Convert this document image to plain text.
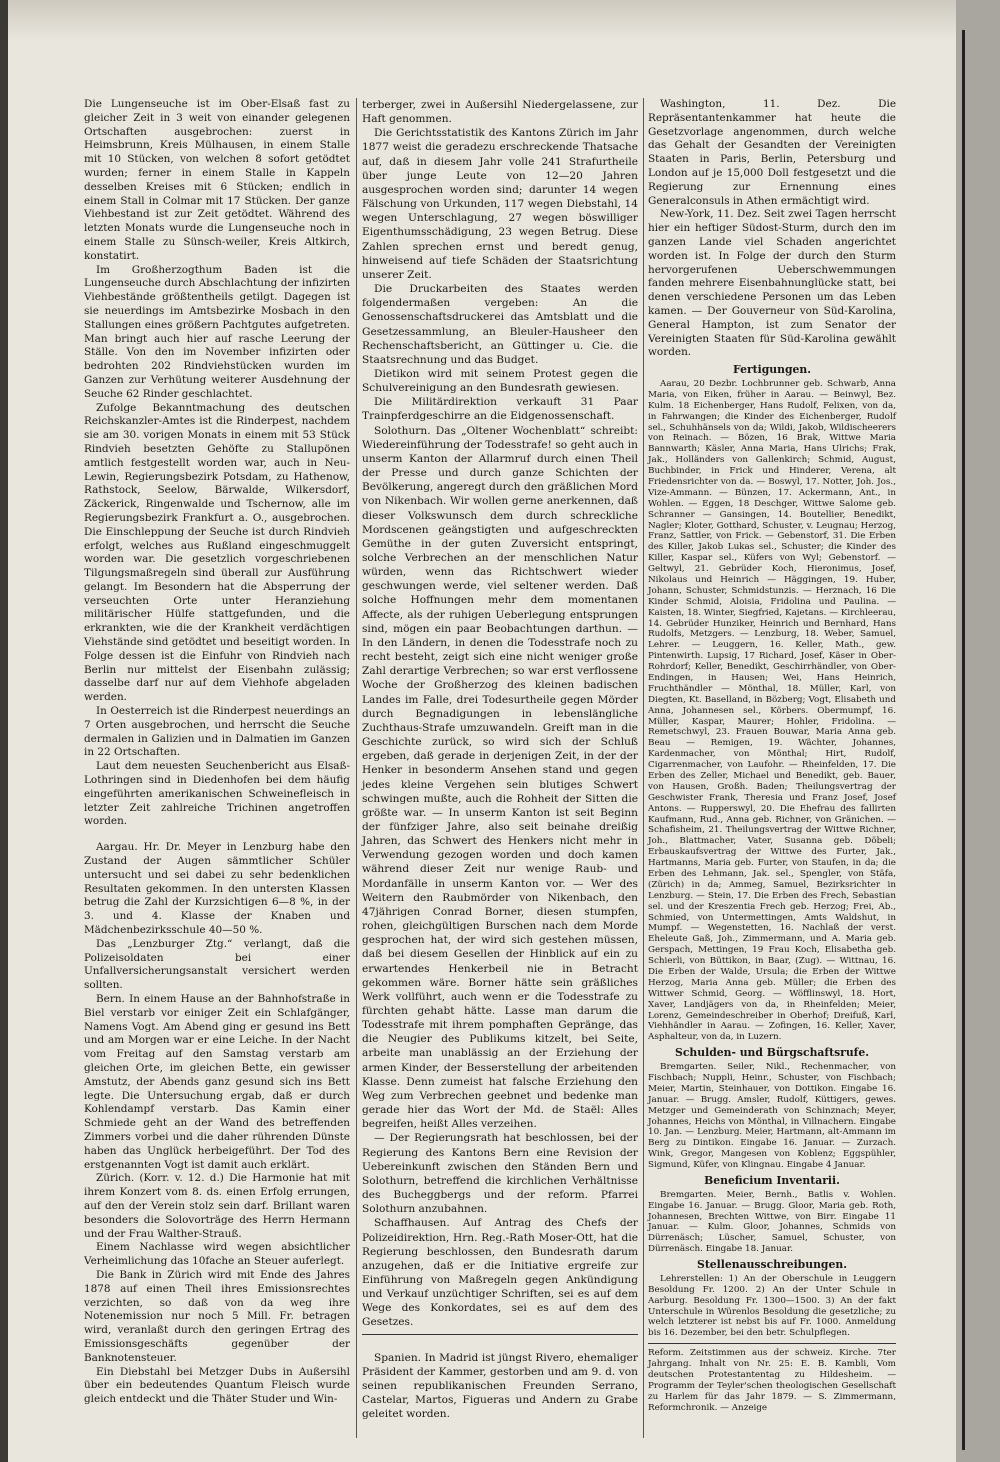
Die Lungenseuche ist im Ober-Elsaß fast zu gleicher Zeit in 3 weit von einander gelegenen Ortschaften ausgebrochen: zuerst in Heimsbrunn, Kreis Mülhausen, in einem Stalle mit 10 Stücken, von welchen 8 sofort getödtet wurden; ferner in einem Stalle in Kappeln desselben Kreises mit 6 Stücken; endlich in einem Stall in Colmar mit 17 Stücken. Der ganze Viehbestand ist zur Zeit getödtet. Während des letzten Monats wurde die Lungenseuche noch in einem Stalle zu Sünsch-weiler, Kreis Altkirch, konstatirt.

Im Großherzogthum Baden ist die Lungenseuche durch Abschlachtung der infizirten Viehbestände größtentheils getilgt. Dagegen ist sie neuerdings im Amtsbezirke Mosbach in den Stallungen eines größern Pachtgutes aufgetreten. Man bringt auch hier auf rasche Leerung der Ställe. Von den im November infizirten oder bedrohten 202 Rindviehstücken wurden im Ganzen zur Verhütung weiterer Ausdehnung der Seuche 62 Rinder geschlachtet.

Zufolge Bekanntmachung des deutschen Reichskanzler-Amtes ist die Rinderpest, nachdem sie am 30. vorigen Monats in einem mit 53 Stück Rindvieh besetzten Gehöfte zu Stallupönen amtlich festgestellt worden war, auch in Neu-Lewin, Regierungsbezirk Potsdam, zu Hathenow, Rathstock, Seelow, Bärwalde, Wilkersdorf, Zäckerick, Ringenwalde und Tschernow, alle im Regierungsbezirk Frankfurt a. O., ausgebrochen. Die Einschleppung der Seuche ist durch Rindvieh erfolgt, welches aus Rußland eingeschmuggelt worden war. Die gesetzlich vorgeschriebenen Tilgungsmaßregeln sind überall zur Ausführung gelangt. Im Besondern hat die Absperrung der verseuchten Orte unter Heranziehung militärischer Hülfe stattgefunden, und die erkrankten, wie die der Krankheit verdächtigen Viehstände sind getödtet und beseitigt worden. In Folge dessen ist die Einfuhr von Rindvieh nach Berlin nur mittelst der Eisenbahn zulässig; dasselbe darf nur auf dem Viehhofe abgeladen werden.

In Oesterreich ist die Rinderpest neuerdings an 7 Orten ausgebrochen, und herrscht die Seuche dermalen in Galizien und in Dalmatien im Ganzen in 22 Ortschaften.

Laut dem neuesten Seuchenbericht aus Elsaß-Lothringen sind in Diedenhofen bei dem häufig eingeführten amerikanischen Schweinefleisch in letzter Zeit zahlreiche Trichinen angetroffen worden.

Aargau. Hr. Dr. Meyer in Lenzburg habe den Zustand der Augen sämmtlicher Schüler untersucht und sei dabei zu sehr bedenklichen Resultaten gekommen. In den untersten Klassen betrug die Zahl der Kurzsichtigen 6—8 %, in der 3. und 4. Klasse der Knaben und Mädchenbezirksschule 40—50 %.

Das „Lenzburger Ztg.“ verlangt, daß die Polizeisoldaten bei einer Unfallversicherungsanstalt versichert werden sollten.

Bern. In einem Hause an der Bahnhofstraße in Biel verstarb vor einiger Zeit ein Schlafgänger, Namens Vogt. Am Abend ging er gesund ins Bett und am Morgen war er eine Leiche. In der Nacht vom Freitag auf den Samstag verstarb am gleichen Orte, im gleichen Bette, ein gewisser Amstutz, der Abends ganz gesund sich ins Bett legte. Die Untersuchung ergab, daß er durch Kohlendampf verstarb. Das Kamin einer Schmiede geht an der Wand des betreffenden Zimmers vorbei und die daher rührenden Dünste haben das Unglück herbeigeführt. Der Tod des erstgenannten Vogt ist damit auch erklärt.

Zürich. (Korr. v. 12. d.) Die Harmonie hat mit ihrem Konzert vom 8. ds. einen Erfolg errungen, auf den der Verein stolz sein darf. Brillant waren besonders die Solovorträge des Herrn Hermann und der Frau Walther-Strauß.

Einem Nachlasse wird wegen absichtlicher Verheimlichung das 10fache an Steuer auferlegt.

Die Bank in Zürich wird mit Ende des Jahres 1878 auf einen Theil ihres Emissionsrechtes verzichten, so daß von da weg ihre Notenemission nur noch 5 Mill. Fr. betragen wird, veranlaßt durch den geringen Ertrag des Emissionsgeschäfts gegenüber der Banknotensteuer.

Ein Diebstahl bei Metzger Dubs in Außersihl über ein bedeutendes Quantum Fleisch wurde gleich entdeckt und die Thäter Studer und Win-

terberger, zwei in Außersihl Niedergelassene, zur Haft genommen.

Die Gerichtsstatistik des Kantons Zürich im Jahr 1877 weist die geradezu erschreckende Thatsache auf, daß in diesem Jahr volle 241 Strafurtheile über junge Leute von 12—20 Jahren ausgesprochen worden sind; darunter 14 wegen Fälschung von Urkunden, 117 wegen Diebstahl, 14 wegen Unterschlagung, 27 wegen böswilliger Eigenthumsschädigung, 23 wegen Betrug. Diese Zahlen sprechen ernst und beredt genug, hinweisend auf tiefe Schäden der Staatsrichtung unserer Zeit.

Die Druckarbeiten des Staates werden folgendermaßen vergeben: An die Genossenschaftsdruckerei das Amtsblatt und die Gesetzessammlung, an Bleuler-Hausheer den Rechenschaftsbericht, an Güttinger u. Cie. die Staatsrechnung und das Budget.

Dietikon wird mit seinem Protest gegen die Schulvereinigung an den Bundesrath gewiesen.

Die Militärdirektion verkauft 31 Paar Trainpferdgeschirre an die Eidgenossenschaft.

Solothurn. Das „Oltener Wochenblatt“ schreibt: Wiedereinführung der Todesstrafe! so geht auch in unserm Kanton der Allarmruf durch einen Theil der Presse und durch ganze Schichten der Bevölkerung, angeregt durch den gräßlichen Mord von Nikenbach. Wir wollen gerne anerkennen, daß dieser Volkswunsch dem durch schreckliche Mordscenen geängstigten und aufgeschreckten Gemüthe in der guten Zuversicht entspringt, solche Verbrechen an der menschlichen Natur würden, wenn das Richtschwert wieder geschwungen werde, viel seltener werden. Daß solche Hoffnungen mehr dem momentanen Affecte, als der ruhigen Ueberlegung entsprungen sind, mögen ein paar Beobachtungen darthun. — In den Ländern, in denen die Todesstrafe noch zu recht besteht, zeigt sich eine nicht weniger große Zahl derartige Verbrechen; so war erst verflossene Woche der Großherzog des kleinen badischen Landes im Falle, drei Todesurtheile gegen Mörder durch Begnadigungen in lebenslängliche Zuchthaus-Strafe umzuwandeln. Greift man in die Geschichte zurück, so wird sich der Schluß ergeben, daß gerade in derjenigen Zeit, in der der Henker in besonderm Ansehen stand und gegen jedes kleine Vergehen sein blutiges Schwert schwingen mußte, auch die Rohheit der Sitten die größte war. — In unserm Kanton ist seit Beginn der fünfziger Jahre, also seit beinahe dreißig Jahren, das Schwert des Henkers nicht mehr in Verwendung gezogen worden und doch kamen während dieser Zeit nur wenige Raub- und Mordanfälle in unserm Kanton vor. — Wer des Weitern den Raubmörder von Nikenbach, den 47jährigen Conrad Borner, diesen stumpfen, rohen, gleichgültigen Burschen nach dem Morde gesprochen hat, der wird sich gestehen müssen, daß bei diesem Gesellen der Hinblick auf ein zu erwartendes Henkerbeil nie in Betracht gekommen wäre. Borner hätte sein gräßliches Werk vollführt, auch wenn er die Todesstrafe zu fürchten gehabt hätte. Lasse man darum die Todesstrafe mit ihrem pomphaften Gepränge, das die Neugier des Publikums kitzelt, bei Seite, arbeite man unablässig an der Erziehung der armen Kinder, der Besserstellung der arbeitenden Klasse. Denn zumeist hat falsche Erziehung den Weg zum Verbrechen geebnet und bedenke man gerade hier das Wort der Md. de Staël: Alles begreifen, heißt Alles verzeihen.

— Der Regierungsrath hat beschlossen, bei der Regierung des Kantons Bern eine Revision der Uebereinkunft zwischen den Ständen Bern und Solothurn, betreffend die kirchlichen Verhältnisse des Bucheggbergs und der reform. Pfarrei Solothurn anzubahnen.

Schaffhausen. Auf Antrag des Chefs der Polizeidirektion, Hrn. Reg.-Rath Moser-Ott, hat die Regierung beschlossen, den Bundesrath darum anzugehen, daß er die Initiative ergreife zur Einführung von Maßregeln gegen Ankündigung und Verkauf unzüchtiger Schriften, sei es auf dem Wege des Konkordates, sei es auf dem des Gesetzes.

Spanien. In Madrid ist jüngst Rivero, ehemaliger Präsident der Kammer, gestorben und am 9. d. von seinen republikanischen Freunden Serrano, Castelar, Martos, Figueras und Andern zu Grabe geleitet worden.

Washington, 11. Dez. Die Repräsentantenkammer hat heute die Gesetzvorlage angenommen, durch welche das Gehalt der Gesandten der Vereinigten Staaten in Paris, Berlin, Petersburg und London auf je 15,000 Doll festgesetzt und die Regierung zur Ernennung eines Generalconsuls in Athen ermächtigt wird.

New-York, 11. Dez. Seit zwei Tagen herrscht hier ein heftiger Südost-Sturm, durch den im ganzen Lande viel Schaden angerichtet worden ist. In Folge der durch den Sturm hervorgerufenen Ueberschwemmungen fanden mehrere Eisenbahnunglücke statt, bei denen verschiedene Personen um das Leben kamen. — Der Gouverneur von Süd-Karolina, General Hampton, ist zum Senator der Vereinigten Staaten für Süd-Karolina gewählt worden.

Fertigungen.

Aarau, 20 Dezbr. Lochbrunner geb. Schwarb, Anna Maria, von Eiken, früher in Aarau. — Beinwyl, Bez. Kulm. 18 Eichenberger, Hans Rudolf, Felixen, von da, in Fahrwangen; die Kinder des Eichenberger, Rudolf sel., Schuhhänsels von da; Wildi, Jakob, Wildischeerers von Reinach. — Bözen, 16 Brak, Wittwe Maria Bannwarth; Käsler, Anna Maria, Hans Ulrichs; Frak, Jak., Holländers von Gallenkirch; Schmid, August, Buchbinder, in Frick und Hinderer, Verena, alt Friedensrichter von da. — Boswyl, 17. Notter, Joh. Jos., Vize-Ammann. — Bünzen, 17. Ackermann, Ant., in Wohlen. — Eggen, 18 Deschger, Wittwe Salome geb. Schranner — Gansingen, 14. Boutellier, Benedikt, Nagler; Kloter, Gotthard, Schuster, v. Leugnau; Herzog, Franz, Sattler, von Frick. — Gebenstorf, 31. Die Erben des Killer, Jakob Lukas sel., Schuster; die Kinder des Killer, Kaspar sel., Küfers von Wyl; Gebenstorf. — Geltwyl, 21. Gebrüder Koch, Hieronimus, Josef, Nikolaus und Heinrich — Häggingen, 19. Huber, Johann, Schuster, Schmidstunzis. — Herznach, 16 Die Kinder Schmid, Aloisia, Fridolina und Paulina. — Kaisten, 18. Winter, Siegfried, Kajetans. — Kirchleerau, 14. Gebrüder Hunziker, Heinrich und Bernhard, Hans Rudolfs, Metzgers. — Lenzburg, 18. Weber, Samuel, Lehrer. — Leuggern, 16. Keller, Math., gew. Pintenwirth. Lupsig, 17 Richard, Josef, Käser in Ober-Rohrdorf; Keller, Benedikt, Geschirrhändler, von Ober-Endingen, in Hausen; Wei, Hans Heinrich, Fruchthändler — Mönthal, 18. Müller, Karl, von Diegten, Kt. Baselland, in Bözberg; Vogt, Elisabeth und Anna, Johannesen sel., Körbers. Obermumpf, 16. Müller, Kaspar, Maurer; Hohler, Fridolina. — Remetschwyl, 23. Frauen Bouwar, Maria Anna geb. Beau — Remigen, 19. Wächter, Johannes, Kardenmacher, von Mönthal; Hirt, Rudolf, Cigarrenmacher, von Laufohr. — Rheinfelden, 17. Die Erben des Zeller, Michael und Benedikt, geb. Bauer, von Hausen, Großh. Baden; Theilungsvertrag der Geschwister Frank, Theresia und Franz Josef, Josef Antons. — Rupperswyl, 20. Die Ehefrau des fallirten Kaufmann, Rud., Anna geb. Richner, von Gränichen. — Schafisheim, 21. Theilungsvertrag der Wittwe Richner, Joh., Blattmacher, Vater, Susanna geb. Döbeli; Erbauskaufsvertrag der Wittwe des Furter, Jak., Hartmanns, Maria geb. Furter, von Staufen, in da; die Erben des Lehmann, Jak. sel., Spengler, von Stäfa, (Zürich) in da; Ammeg, Samuel, Bezirksrichter in Lenzburg. — Stein, 17. Die Erben des Frech, Sebastian sel. und der Kreszentia Frech geb. Herzog; Frei, Ab., Schmied, von Untermettingen, Amts Waldshut, in Mumpf. — Wegenstetten, 16. Nachlaß der verst. Eheleute Gaß, Joh., Zimmermann, und A. Maria geb. Gerspach, Mettingen, 19 Frau Koch, Elisabetha geb. Schierli, von Büttikon, in Baar, (Zug). — Wittnau, 16. Die Erben der Walde, Ursula; die Erben der Wittwe Herzog, Maria Anna geb. Müller; die Erben des Wittwer Schmid, Georg. — Wöfflinswyl, 18. Hort, Xaver, Landjägers von da, in Rheinfelden; Meier, Lorenz, Gemeindeschreiber in Oberhof; Dreifuß, Karl, Viehhändler in Aarau. — Zofingen, 16. Keller, Xaver, Asphalteur, von da, in Luzern.

Schulden- und Bürgschaftsrufe.

Bremgarten. Seiler, Nikl., Rechenmacher, von Fischbach; Nuppli, Heinr., Schuster, von Fischbach; Meier, Martin, Steinhauer, von Dottikon. Eingabe 16. Januar. — Brugg. Amsler, Rudolf, Küttigers, gewes. Metzger und Gemeinderath von Schinznach; Meyer, Johannes, Heichs von Mönthal, in Villnachern. Eingabe 10. Jan. — Lenzburg. Meier, Hartmann, alt-Ammann im Berg zu Dintikon. Eingabe 16. Januar. — Zurzach. Wink, Gregor, Mangesen von Koblenz; Eggspühler, Sigmund, Küfer, von Klingnau. Eingabe 4 Januar.

Beneficium Inventarii.

Bremgarten. Meier, Bernh., Batlis v. Wohlen. Eingabe 16. Januar. — Brugg. Gloor, Maria geb. Roth, Johannesen, Brechten Wittwe, von Birr. Eingabe 11 Januar. — Kulm. Gloor, Johannes, Schmids von Dürrenäsch; Lüscher, Samuel, Schuster, von Dürrenäsch. Eingabe 18. Januar.

Stellenausschreibungen.

Lehrerstellen: 1) An der Oberschule in Leuggern Besoldung Fr. 1200. 2) An der Unter Schule in Aarburg. Besoldung Fr. 1300—1500. 3) An der fakt Unterschule in Würenlos Besoldung die gesetzliche; zu welch letzterer ist nebst bis auf Fr. 1000. Anmeldung bis 16. Dezember, bei den betr. Schulpflegen.

Reform. Zeitstimmen aus der schweiz. Kirche. 7ter Jahrgang. Inhalt von Nr. 25: E. B. Kambli, Vom deutschen Protestantentag zu Hildesheim. — Programm der Teyler'schen theologischen Gesellschaft zu Harlem für das Jahr 1879. — S. Zimmermann, Reformchronik. — Anzeige
